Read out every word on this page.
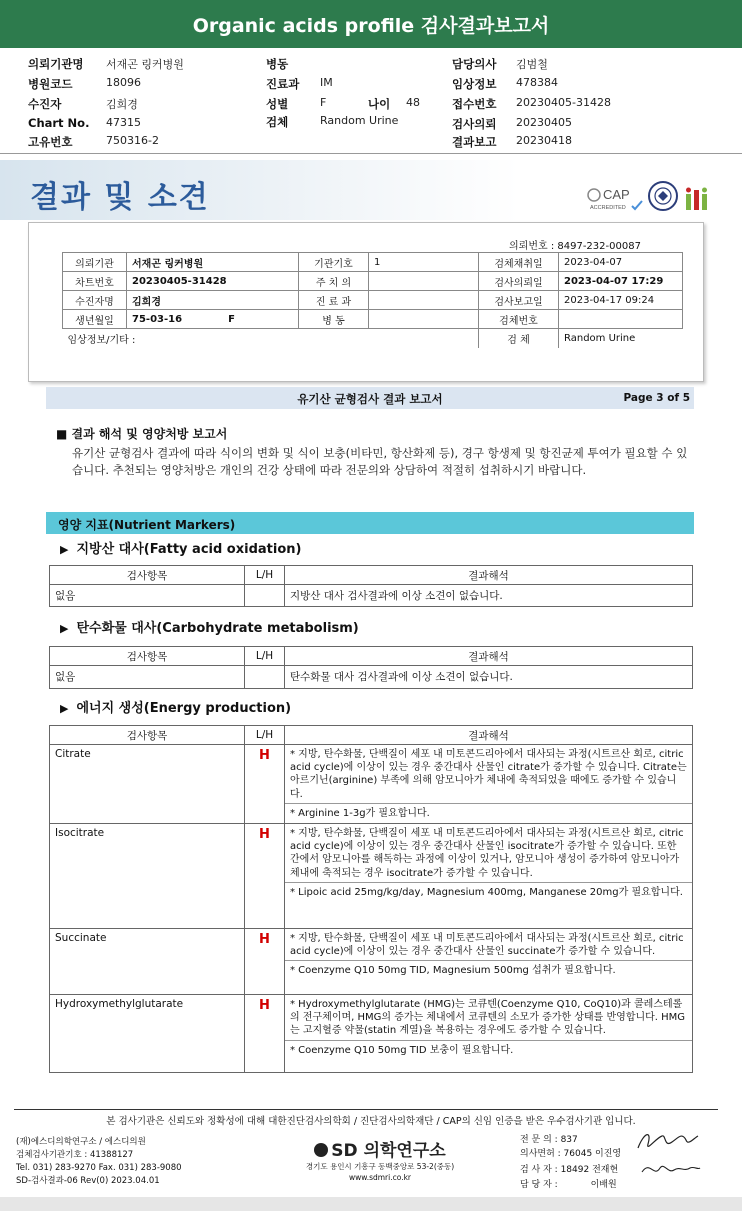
Organic acids profile 검사결과보고서
의뢰기관명 서재곤 링커병원
병원코드	18096
수진자	김희경
Chart No. 47315
고유번호	750316-2
병동
진료과 IM
성별	F	나이 48
검체	Random Urine
담당의사 김범철
임상정보 478384
접수번호 20230405-31428
검사의뢰 20230405
결과보고 20230418
결과 및 소견	CAP
ACCREDITED
의뢰번호 : 8497-232-00087
의뢰기관	서재곤 링커병원	기관기호	1	검체채취일	2023-04-07
차트번호	20230405-31428	주 치 의		검사의뢰일	2023-04-07 17:29
수진자명	김희경	진 료 과		검사보고일	2023-04-17 09:24
생년월일	75-03-16 F	병 동		검체번호	
임상정보/기타 :				검 체	Random Urine
유기산 균형검사 결과 보고서	Page 3 of 5
■ 결과 해석 및 영양처방 보고서
유기산 균형검사 결과에 따라 식이의 변화 및 식이 보충(비타민, 항산화제 등), 경구 항생제 및 항진균제 투여가 필요할 수 있습니다. 추천되는 영양처방은 개인의 건강 상태에 따라 전문의와 상담하여 적절히 섭취하시기 바랍니다.
영양 지표(Nutrient Markers)
▶ 지방산 대사(Fatty acid oxidation)
검사항목	L/H	결과해석
없음		지방산 대사 검사결과에 이상 소견이 없습니다.
▶ 탄수화물 대사(Carbohydrate metabolism)
검사항목	L/H	결과해석
없음		탄수화물 대사 검사결과에 이상 소견이 없습니다.
▶ 에너지 생성(Energy production)
검사항목	L/H	결과해석
Citrate	H	* 지방, 탄수화물, 단백질이 세포 내 미토콘드리아에서 대사되는 과정(시트르산 회로, citric acid cycle)에 이상이 있는 경우 중간대사 산물인 citrate가 증가할 수 있습니다. Citrate는 아르기닌(arginine) 부족에 의해 암모니아가 체내에 축적되었을 때에도 증가할 수 있습니다.
* Arginine 1-3g가 필요합니다.

Isocitrate	H	* 지방, 탄수화물, 단백질이 세포 내 미토콘드리아에서 대사되는 과정(시트르산 회로, citric acid cycle)에 이상이 있는 경우 중간대사 산물인 isocitrate가 증가할 수 있습니다. 또한 간에서 암모니아를 해독하는 과정에 이상이 있거나, 암모니아 생성이 증가하여 암모니아가 체내에 축적되는 경우 isocitrate가 증가할 수 있습니다.
* Lipoic acid 25mg/kg/day, Magnesium 400mg, Manganese 20mg가 필요합니다.

Succinate	H	* 지방, 탄수화물, 단백질이 세포 내 미토콘드리아에서 대사되는 과정(시트르산 회로, citric acid cycle)에 이상이 있는 경우 중간대사 산물인 succinate가 증가할 수 있습니다.
* Coenzyme Q10 50mg TID, Magnesium 500mg 섭취가 필요합니다.

Hydroxymethylglutarate	H	* Hydroxymethylglutarate (HMG)는 코큐텐(Coenzyme Q10, CoQ10)과 콜레스테롤의 전구체이며, HMG의 증가는 체내에서 코큐텐의 소모가 증가한 상태를 반영합니다. HMG는 고지혈증 약물(statin 계열)을 복용하는 경우에도 증가할 수 있습니다.
* Coenzyme Q10 50mg TID 보충이 필요합니다.
본 검사기관은 신뢰도와 정확성에 대해 대한진단검사의학회 / 진단검사의학재단 / CAP의 신임 인증을 받은 우수검사기관 입니다.
(재)에스디의학연구소 / 에스디의원
검체검사기관기호 : 41388127
Tel. 031) 283-9270 Fax. 031) 283-9080
SD-검사결과-06 Rev(0) 2023.04.01
SD 의학연구소
경기도 용인시 기흥구 동백중앙로 53-2(중동)
www.sdmri.co.kr
전 문 의 : 837
의사면허 : 76045 이진영
검 사 자 : 18492 전재현
담 당 자 :	이배원
